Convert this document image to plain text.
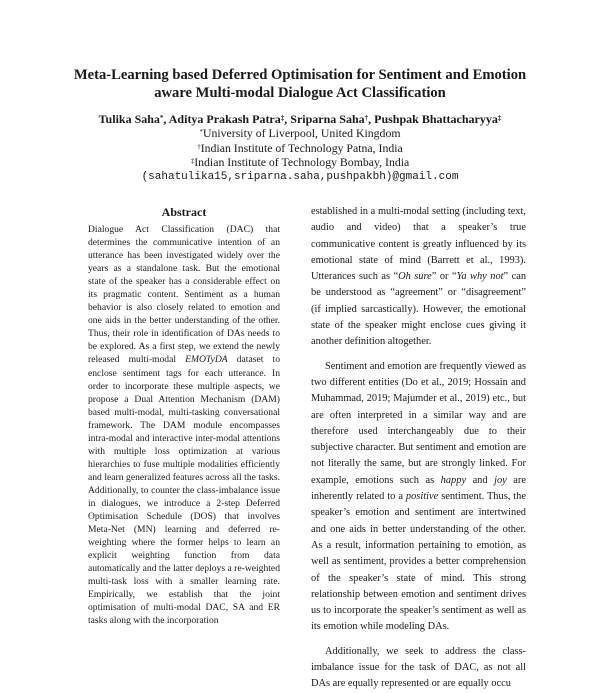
Meta-Learning based Deferred Optimisation for Sentiment and Emotion aware Multi-modal Dialogue Act Classification
Tulika Saha*, Aditya Prakash Patra‡, Sriparna Saha†, Pushpak Bhattacharyya‡
*University of Liverpool, United Kingdom
†Indian Institute of Technology Patna, India
‡Indian Institute of Technology Bombay, India
(sahatulika15,sriparna.saha,pushpakbh)@gmail.com
Abstract

Dialogue Act Classification (DAC) that determines the communicative intention of an utterance has been investigated widely over the years as a standalone task. But the emotional state of the speaker has a considerable effect on its pragmatic content. Sentiment as a human behavior is also closely related to emotion and one aids in the better understanding of the other. Thus, their role in identification of DAs needs to be explored. As a first step, we extend the newly released multi-modal EMOTyDA dataset to enclose sentiment tags for each utterance. In order to incorporate these multiple aspects, we propose a Dual Attention Mechanism (DAM) based multi-modal, multi-tasking conversational framework. The DAM module encompasses intra-modal and interactive inter-modal attentions with multiple loss optimization at various hierarchies to fuse multiple modalities efficiently and learn generalized features across all the tasks. Additionally, to counter the class-imbalance issue in dialogues, we introduce a 2-step Deferred Optimisation Schedule (DOS) that involves Meta-Net (MN) learning and deferred re-weighting where the former helps to learn an explicit weighting function from data automatically and the latter deploys a re-weighted multi-task loss with a smaller learning rate. Empirically, we establish that the joint optimisation of multi-modal DAC, SA and ER tasks along with the incorporation

established in a multi-modal setting (including text, audio and video) that a speaker’s true communicative content is greatly influenced by its emotional state of mind (Barrett et al., 1993). Utterances such as “Oh sure” or “Ya why not” can be understood as “agreement” or “disagreement” (if implied sarcastically). However, the emotional state of the speaker might enclose cues giving it another definition altogether.

Sentiment and emotion are frequently viewed as two different entities (Do et al., 2019; Hossain and Muhammad, 2019; Majumder et al., 2019) etc., but are often interpreted in a similar way and are therefore used interchangeably due to their subjective character. But sentiment and emotion are not literally the same, but are strongly linked. For example, emotions such as happy and joy are inherently related to a positive sentiment. Thus, the speaker’s emotion and sentiment are intertwined and one aids in better understanding of the other. As a result, information pertaining to emotion, as well as sentiment, provides a better comprehension of the speaker’s state of mind. This strong relationship between emotion and sentiment drives us to incorporate the speaker’s sentiment as well as its emotion while modeling DAs.

Additionally, we seek to address the class-imbalance issue for the task of DAC, as not all DAs are equally represented or are equally occu
